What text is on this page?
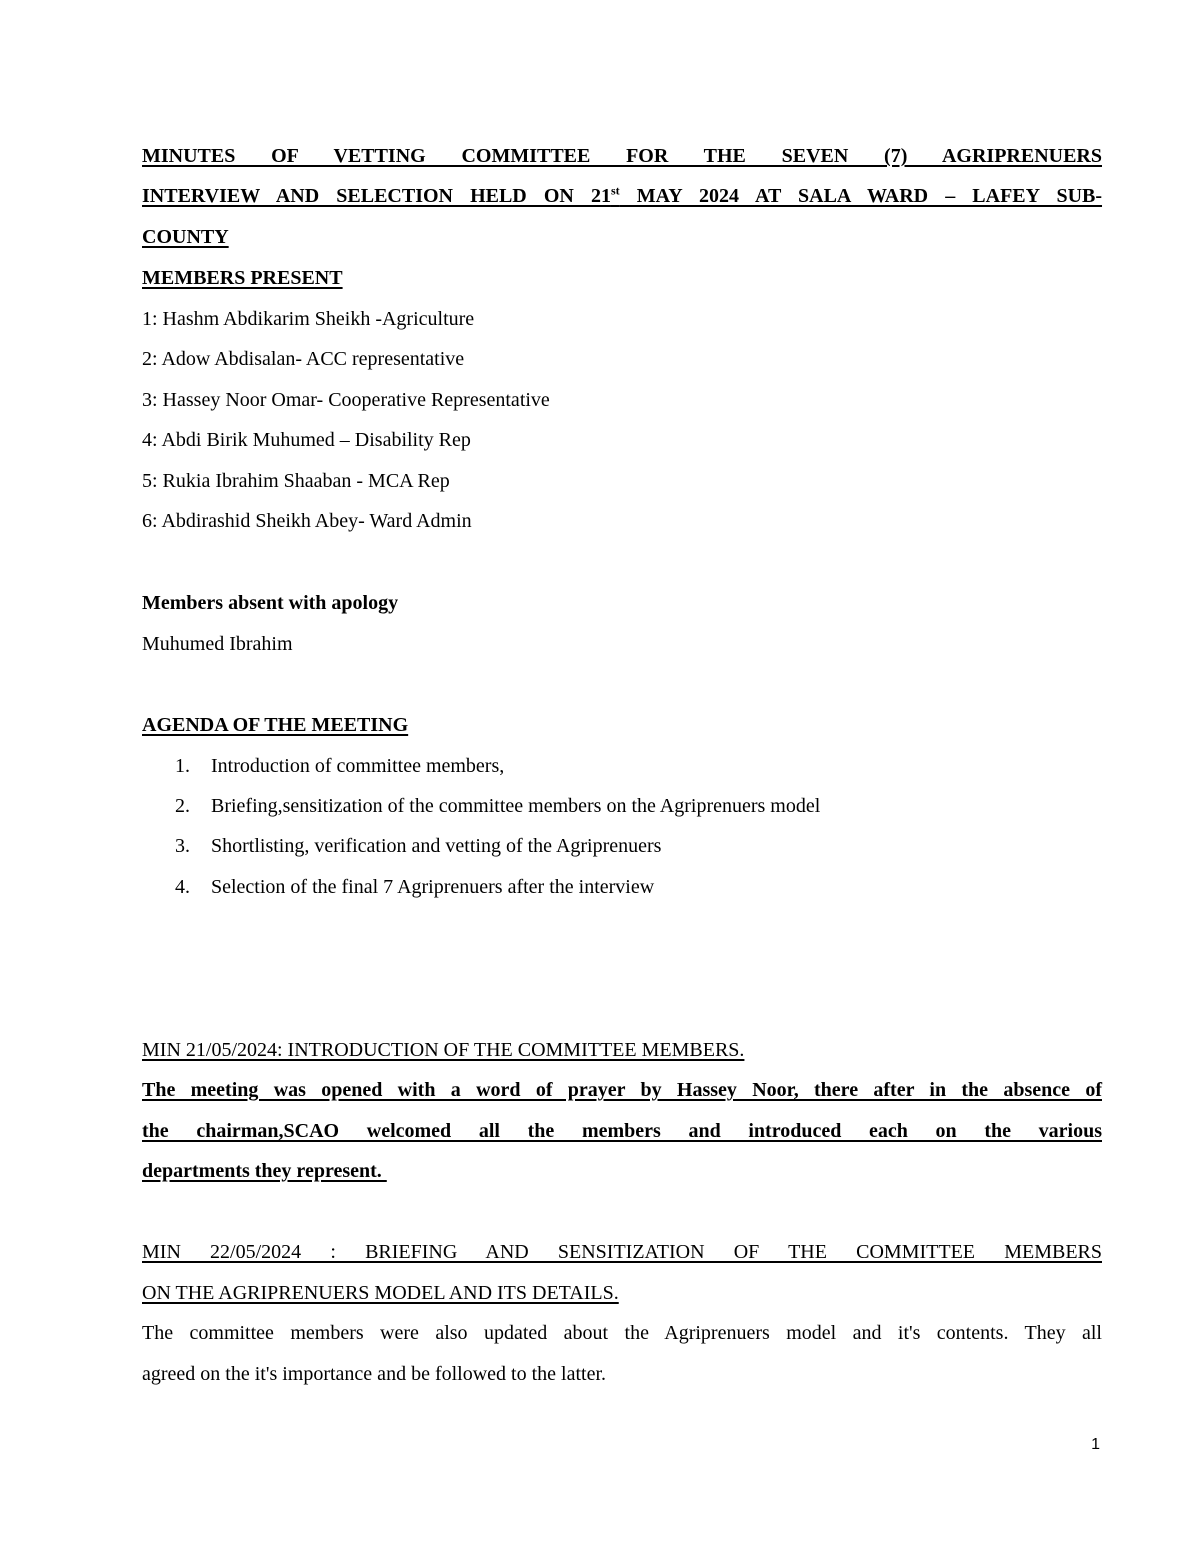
MINUTES OF VETTING COMMITTEE FOR THE SEVEN (7) AGRIPRENUERS
INTERVIEW AND SELECTION HELD ON 21st MAY 2024 AT SALA WARD – LAFEY SUB-
COUNTY
MEMBERS PRESENT
1: Hashm Abdikarim Sheikh -Agriculture
2: Adow Abdisalan- ACC representative
3: Hassey Noor Omar- Cooperative Representative
4: Abdi Birik Muhumed – Disability Rep
5: Rukia Ibrahim Shaaban - MCA Rep
6: Abdirashid Sheikh Abey- Ward Admin
Members absent with apology
Muhumed Ibrahim
AGENDA OF THE MEETING
1. Introduction of committee members,
2. Briefing,sensitization of the committee members on the Agriprenuers model
3. Shortlisting, verification and vetting of the Agriprenuers
4. Selection of the final 7 Agriprenuers after the interview
MIN 21/05/2024: INTRODUCTION OF THE COMMITTEE MEMBERS.
The meeting was opened with a word of prayer by Hassey Noor, there after in the absence of
the chairman,SCAO welcomed all the members and introduced each on the various
departments they represent.
MIN 22/05/2024 : BRIEFING AND SENSITIZATION OF THE COMMITTEE MEMBERS
ON THE AGRIPRENUERS MODEL AND ITS DETAILS.
The committee members were also updated about the Agriprenuers model and it's contents. They all
agreed on the it's importance and be followed to the latter.
1
